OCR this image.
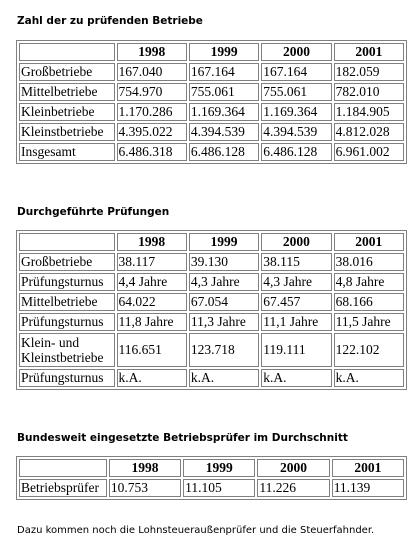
Zahl der zu prüfenden Betriebe
	1998	1999	2000	2001
Großbetriebe	167.040	167.164	167.164	182.059
Mittelbetriebe	754.970	755.061	755.061	782.010
Kleinbetriebe	1.170.286	1.169.364	1.169.364	1.184.905
Kleinstbetriebe	4.395.022	4.394.539	4.394.539	4.812.028
Insgesamt	6.486.318	6.486.128	6.486.128	6.961.002
Durchgeführte Prüfungen
	1998	1999	2000	2001
Großbetriebe	38.117	39.130	38.115	38.016
Prüfungsturnus	4,4 Jahre	4,3 Jahre	4,3 Jahre	4,8 Jahre
Mittelbetriebe	64.022	67.054	67.457	68.166
Prüfungsturnus	11,8 Jahre	11,3 Jahre	11,1 Jahre	11,5 Jahre
Klein- und Kleinstbetriebe	116.651	123.718	119.111	122.102
Prüfungsturnus	k.A.	k.A.	k.A.	k.A.
Bundesweit eingesetzte Betriebsprüfer im Durchschnitt
	1998	1999	2000	2001
Betriebsprüfer	10.753	11.105	11.226	11.139
Dazu kommen noch die Lohnsteueraußenprüfer und die Steuerfahnder.
